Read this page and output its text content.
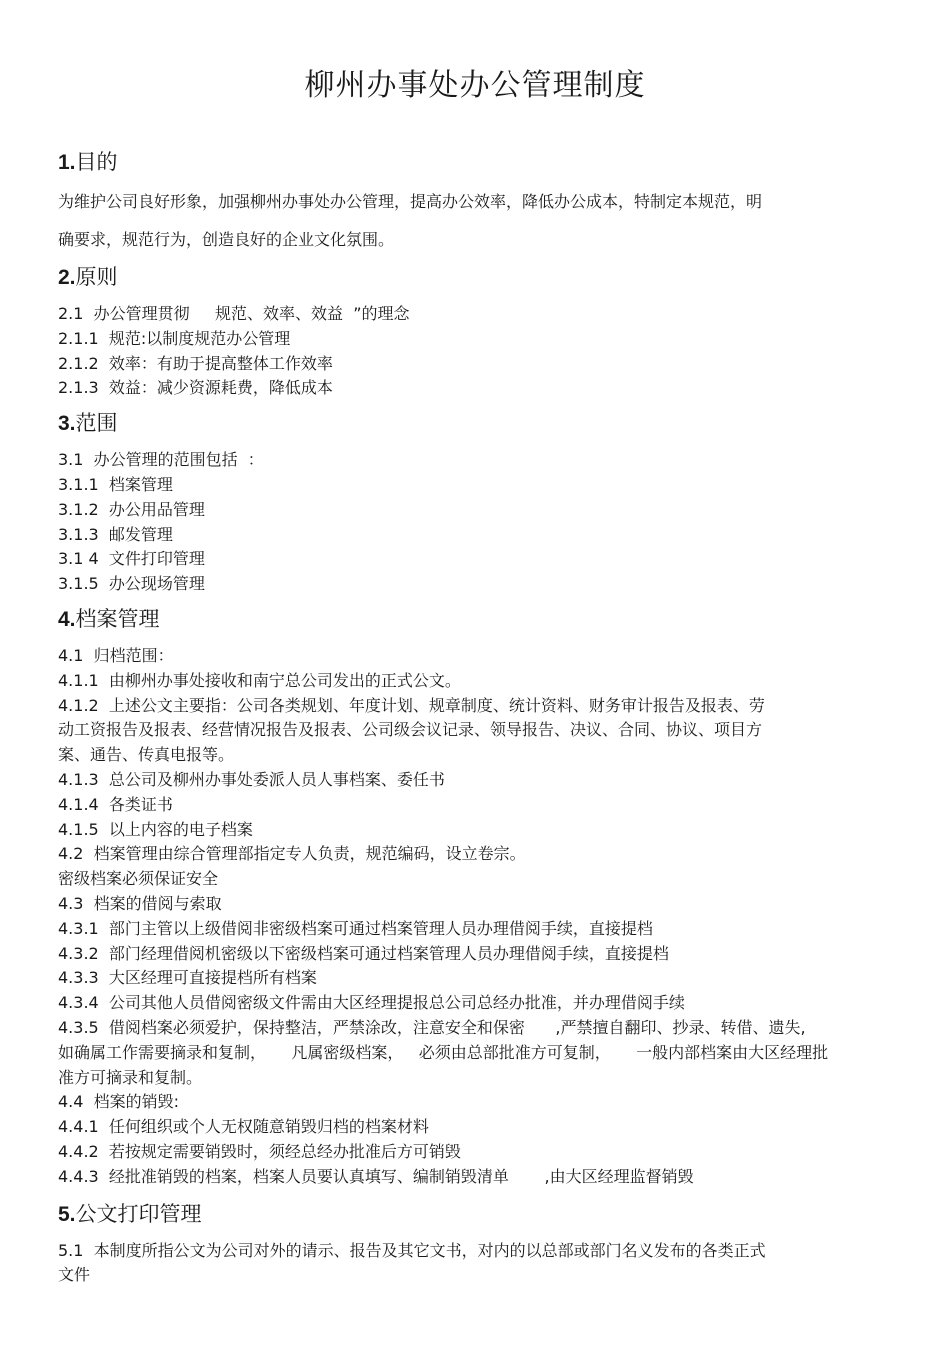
柳州办事处办公管理制度
1.目的

为维护公司良好形象，加强柳州办事处办公管理，提高办公效率，降低办公成本，特制定本规范，明

确要求，规范行为，创造良好的企业文化氛围。

2.原则

2.1  办公管理贯彻     规范、效率、效益  ”的理念

2.1.1  规范:以制度规范办公管理

2.1.2  效率：有助于提高整体工作效率

2.1.3  效益：减少资源耗费，降低成本

3.范围

3.1  办公管理的范围包括  ：

3.1.1  档案管理

3.1.2  办公用品管理

3.1.3  邮发管理

3.1 4  文件打印管理

3.1.5  办公现场管理

4.档案管理

4.1  归档范围：

4.1.1  由柳州办事处接收和南宁总公司发出的正式公文。

4.1.2  上述公文主要指：公司各类规划、年度计划、规章制度、统计资料、财务审计报告及报表、劳

动工资报告及报表、经营情况报告及报表、公司级会议记录、领导报告、决议、合同、协议、项目方

案、通告、传真电报等。

4.1.3  总公司及柳州办事处委派人员人事档案、委任书

4.1.4  各类证书

4.1.5  以上内容的电子档案

4.2  档案管理由综合管理部指定专人负责，规范编码，设立卷宗。

密级档案必须保证安全

4.3  档案的借阅与索取

4.3.1  部门主管以上级借阅非密级档案可通过档案管理人员办理借阅手续，直接提档

4.3.2  部门经理借阅机密级以下密级档案可通过档案管理人员办理借阅手续，直接提档

4.3.3  大区经理可直接提档所有档案

4.3.4  公司其他人员借阅密级文件需由大区经理提报总公司总经办批准，并办理借阅手续

4.3.5  借阅档案必须爱护，保持整洁，严禁涂改，注意安全和保密      ,严禁擅自翻印、抄录、转借、遗失,

如确属工作需要摘录和复制，     凡属密级档案，   必须由总部批准方可复制，     一般内部档案由大区经理批

准方可摘录和复制。

4.4  档案的销毁:

4.4.1  任何组织或个人无权随意销毁归档的档案材料

4.4.2  若按规定需要销毁时，须经总经办批准后方可销毁

4.4.3  经批准销毁的档案，档案人员要认真填写、编制销毁清单       ,由大区经理监督销毁

5.公文打印管理

5.1  本制度所指公文为公司对外的请示、报告及其它文书，对内的以总部或部门名义发布的各类正式

文件
